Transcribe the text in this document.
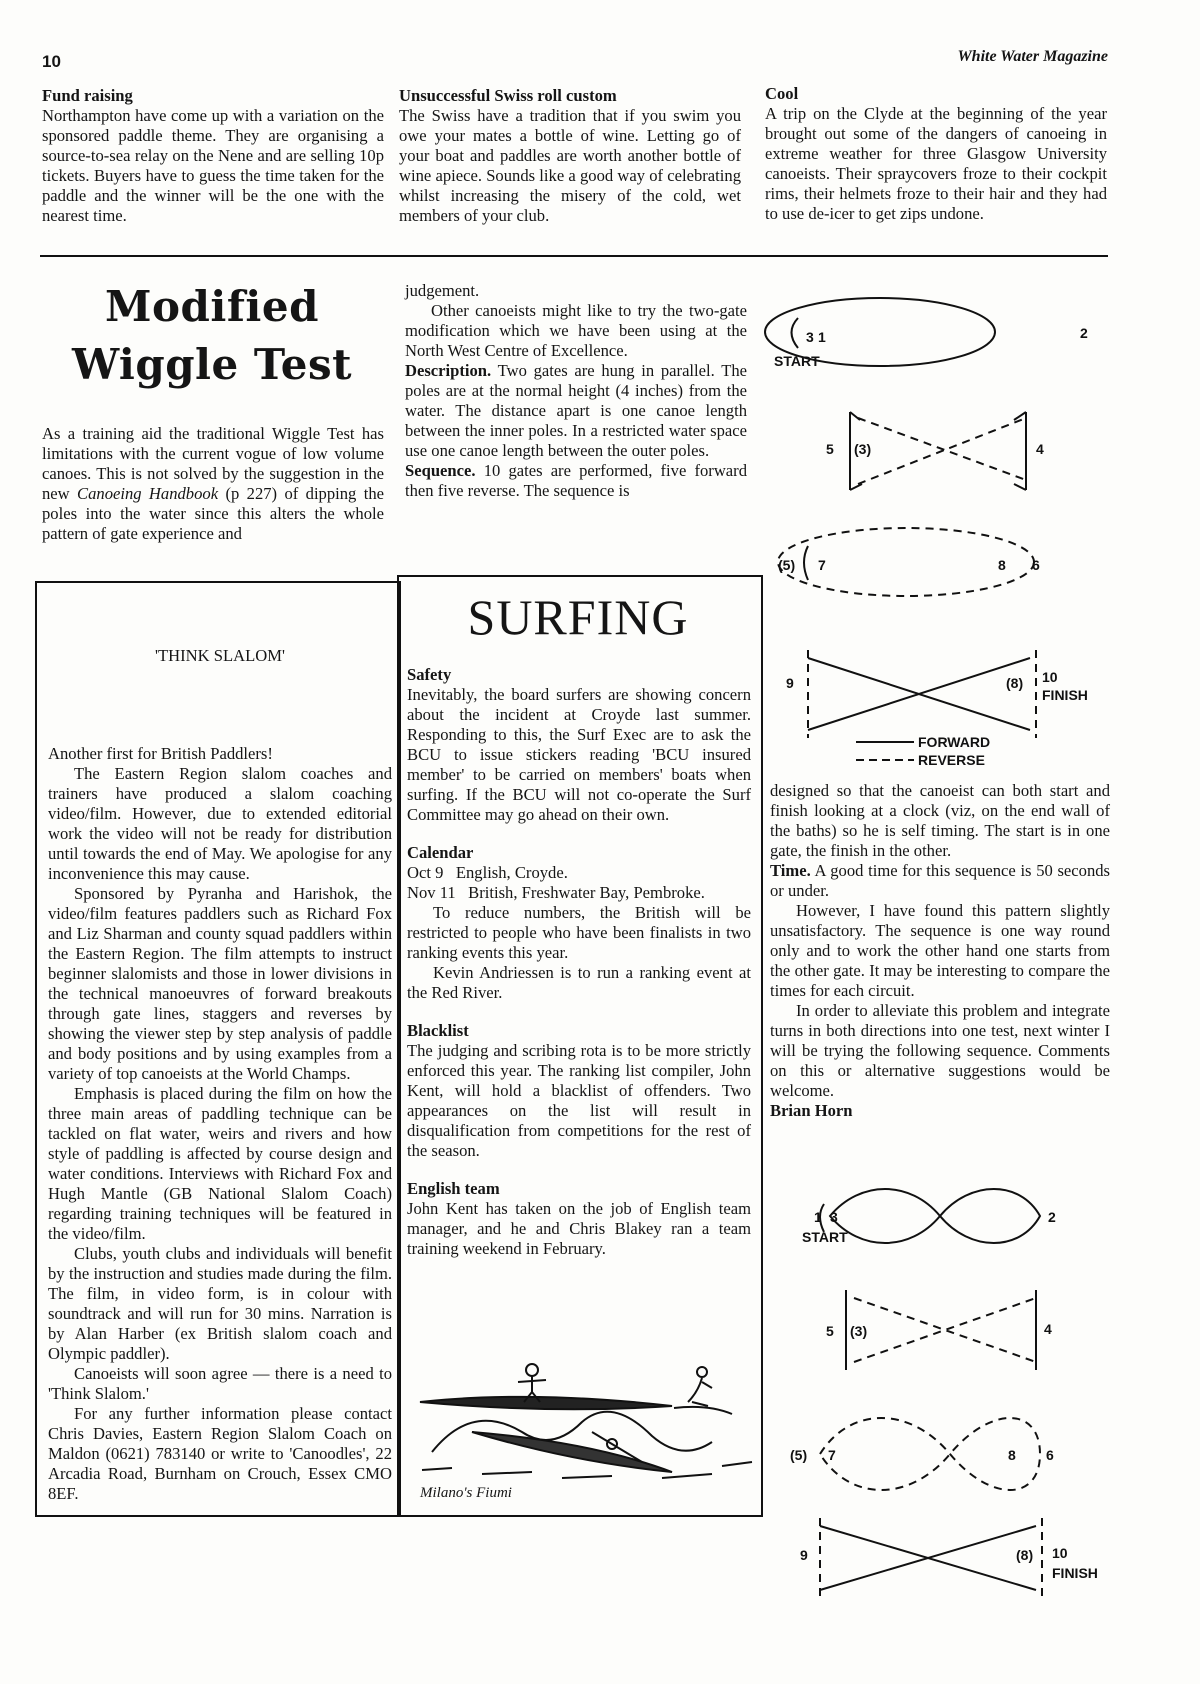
10	White Water Magazine
Fund raising

Northampton have come up with a variation on the sponsored paddle theme. They are organising a source-to-sea relay on the Nene and are selling 10p tickets. Buyers have to guess the time taken for the paddle and the winner will be the one with the nearest time.

Unsuccessful Swiss roll custom

The Swiss have a tradition that if you swim you owe your mates a bottle of wine. Letting go of your boat and paddles are worth another bottle of wine apiece. Sounds like a good way of celebrating whilst increasing the misery of the cold, wet members of your club.

Cool

A trip on the Clyde at the beginning of the year brought out some of the dangers of canoeing in extreme weather for three Glasgow University canoeists. Their spraycovers froze to their cockpit rims, their helmets froze to their hair and they had to use de-icer to get zips undone.

Modified
Wiggle Test

As a training aid the traditional Wiggle Test has limitations with the current vogue of low volume canoes. This is not solved by the suggestion in the new Canoeing Handbook (p 227) of dipping the poles into the water since this alters the whole pattern of gate experience and

judgement.

Other canoeists might like to try the two-gate modification which we have been using at the North West Centre of Excellence.

Description. Two gates are hung in parallel. The poles are at the normal height (4 inches) from the water. The distance apart is one canoe length between the inner poles. In a restricted water space use one canoe length between the outer poles.

Sequence. 10 gates are performed, five forward then five reverse. The sequence is

1	2
3
START
4
5 (3)
(5) 7	8 6
9	(8) 10
FINISH
FORWARD
REVERSE

designed so that the canoeist can both start and finish looking at a clock (viz, on the end wall of the baths) so he is self timing. The start is in one gate, the finish in the other.

Time. A good time for this sequence is 50 seconds or under.

However, I have found this pattern slightly unsatisfactory. The sequence is one way round only and to work the other hand one starts from the other gate. It may be interesting to compare the times for each circuit.

In order to alleviate this problem and integrate turns in both directions into one test, next winter I will be trying the following sequence. Comments on this or alternative suggestions would be welcome.

Brian Horn
1	2
3
START
4
5 (3)
(5) 7	8 6
9	(8) 10
FINISH
'THINK SLALOM'

Another first for British Paddlers!

The Eastern Region slalom coaches and trainers have produced a slalom coaching video/film. However, due to extended editorial work the video will not be ready for distribution until towards the end of May. We apologise for any inconvenience this may cause.

Sponsored by Pyranha and Harishok, the video/film features paddlers such as Richard Fox and Liz Sharman and county squad paddlers within the Eastern Region. The film attempts to instruct beginner slalomists and those in lower divisions in the technical manoeuvres of forward breakouts through gate lines, staggers and reverses by showing the viewer step by step analysis of paddle and body positions and by using examples from a variety of top canoeists at the World Champs.

Emphasis is placed during the film on how the three main areas of paddling technique can be tackled on flat water, weirs and rivers and how style of paddling is affected by course design and water conditions. Interviews with Richard Fox and Hugh Mantle (GB National Slalom Coach) regarding training techniques will be featured in the video/film.

Clubs, youth clubs and individuals will benefit by the instruction and studies made during the film. The film, in video form, is in colour with soundtrack and will run for 30 mins. Narration is by Alan Harber (ex British slalom coach and Olympic paddler).

Canoeists will soon agree — there is a need to 'Think Slalom.'

For any further information please contact Chris Davies, Eastern Region Slalom Coach on Maldon (0621) 783140 or write to 'Canoodles', 22 Arcadia Road, Burnham on Crouch, Essex CMO 8EF.

SURFING
Safety

Inevitably, the board surfers are showing concern about the incident at Croyde last summer. Responding to this, the Surf Exec are to ask the BCU to issue stickers reading 'BCU insured member' to be carried on members' boats when surfing. If the BCU will not co-operate the Surf Committee may go ahead on their own.

Calendar

Oct 9   English, Croyde.

Nov 11   British, Freshwater Bay, Pembroke.

To reduce numbers, the British will be restricted to people who have been finalists in two ranking events this year.

Kevin Andriessen is to run a ranking event at the Red River.

Blacklist

The judging and scribing rota is to be more strictly enforced this year. The ranking list compiler, John Kent, will hold a blacklist of offenders. Two appearances on the list will result in disqualification from competitions for the rest of the season.

English team

John Kent has taken on the job of English team manager, and he and Chris Blakey ran a team training weekend in February.

Milano's Fiumi
